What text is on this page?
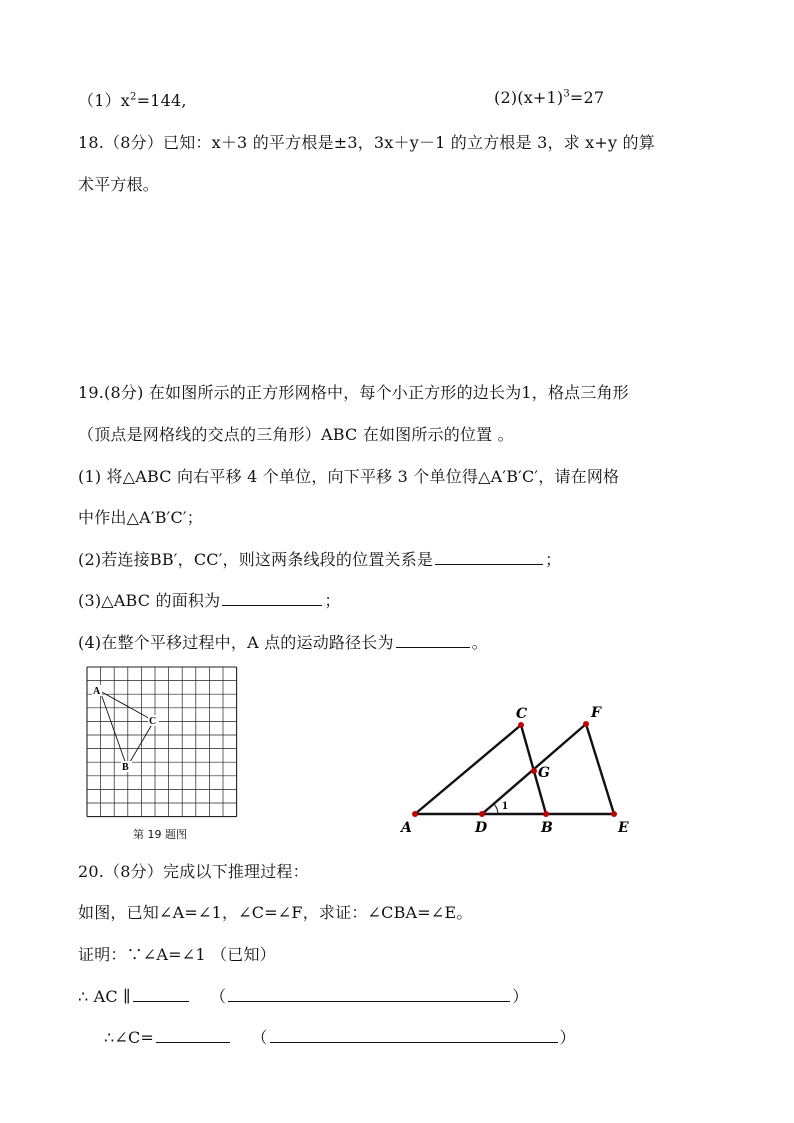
$(1)x^2=144$,	$(2)(x+1)^3=27$
18.（8分）已知：x＋3 的平方根是±3，3x＋y－1 的立方根是 3，求 x+y 的算
术平方根。
19.(8分) 在如图所示的正方形网格中，每个小正方形的边长为1，格点三角形
（顶点是网格线的交点的三角形）ABC 在如图所示的位置 。
(1) 将△ABC 向右平移 4 个单位，向下平移 3 个单位得△A′B′C′，请在网格
中作出△A′B′C′；
(2)若连接BB′，CC′，则这两条线段的位置关系是	；
(3)△ABC 的面积为	；
(4)在整个平移过程中，A 点的运动路径长为	。
A
C
B
第 19 题图	A	D	B	E
C	F
G
1
20.（8分）完成以下推理过程：
如图，已知∠A=∠1，∠C=∠F，求证：∠CBA=∠E。
证明：∵∠A=∠1 （已知）
∴ AC ∥	（	）
∴∠C=	（	）
